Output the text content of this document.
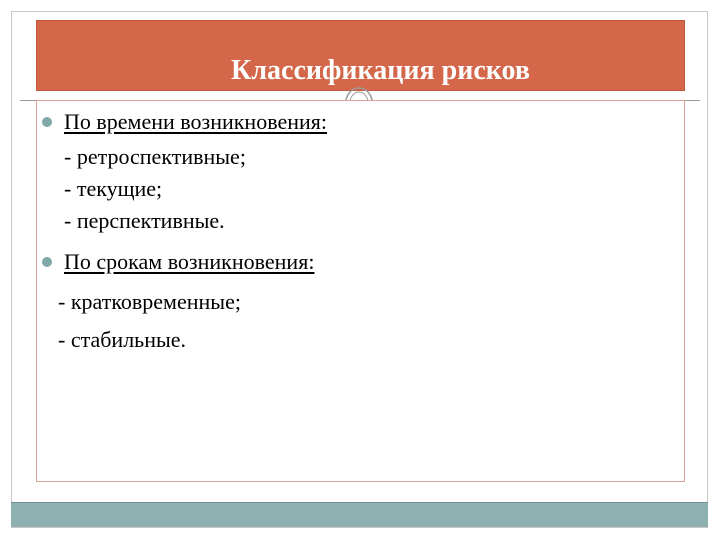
Классификация рисков
По времени возникновения:
- ретроспективные;
- текущие;
- перспективные.
По срокам возникновения:
- кратковременные;
- стабильные.
